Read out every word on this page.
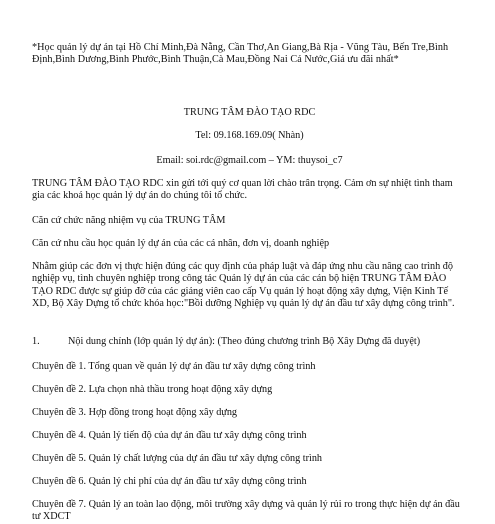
*Học quản lý dự án tại Hồ Chí Minh,Đà Nẵng, Cần Thơ,An Giang,Bà Rịa - Vũng Tàu, Bến Tre,Bình Định,Bình Dương,Bình Phước,Bình Thuận,Cà Mau,Đồng Nai Cả Nước,Giá ưu đãi nhất*

TRUNG TÂM ĐÀO TẠO RDC

Tel: 09.168.169.09( Nhàn)

Email: soi.rdc@gmail.com – YM: thuysoi_c7

TRUNG TÂM ĐÀO TẠO RDC xin gửi tới quý cơ quan lời chào trân trọng. Cảm ơn sự nhiệt tình tham gia các khoá học quản lý dự án do chúng tôi tổ chức.

Căn cứ chức năng nhiệm vụ của TRUNG TÂM

Căn cứ nhu cầu học quản lý dự án của các cá nhân, đơn vị, doanh nghiệp

Nhằm giúp các đơn vị thực hiện đúng các quy định của pháp luật và đáp ứng nhu cầu nâng cao trình độ nghiệp vụ, tình chuyên nghiệp trong công tác Quản lý dự án của các cán bộ hiện TRUNG TÂM ĐÀO TẠO RDC được sự giúp đỡ của các giảng viên cao cấp Vụ quản lý hoạt động xây dựng, Viện Kinh Tế XD, Bộ Xây Dựng tổ chức khóa học:"Bồi dưỡng Nghiệp vụ quản lý dự án đầu tư xây dựng công trình".

1.	Nội dung chính (lớp quản lý dự án): (Theo đúng chương trình Bộ Xây Dựng đã duyệt)

Chuyên đề 1. Tổng quan về quản lý dự án đầu tư xây dựng công trình

Chuyên đề 2. Lựa chọn nhà thầu trong hoạt động xây dựng

Chuyên đề 3. Hợp đồng trong hoạt động xây dựng

Chuyên đề 4. Quản lý tiến độ của dự án đầu tư xây dựng công trình

Chuyên đề 5. Quản lý chất lượng của dự án đầu tư xây dựng công trình

Chuyên đề 6. Quản lý chi phí của dự án đầu tư xây dựng công trình

Chuyên đề 7. Quản lý an toàn lao động, môi trường xây dựng và quản lý rủi ro trong thực hiện dự án đầu tư XDCT
